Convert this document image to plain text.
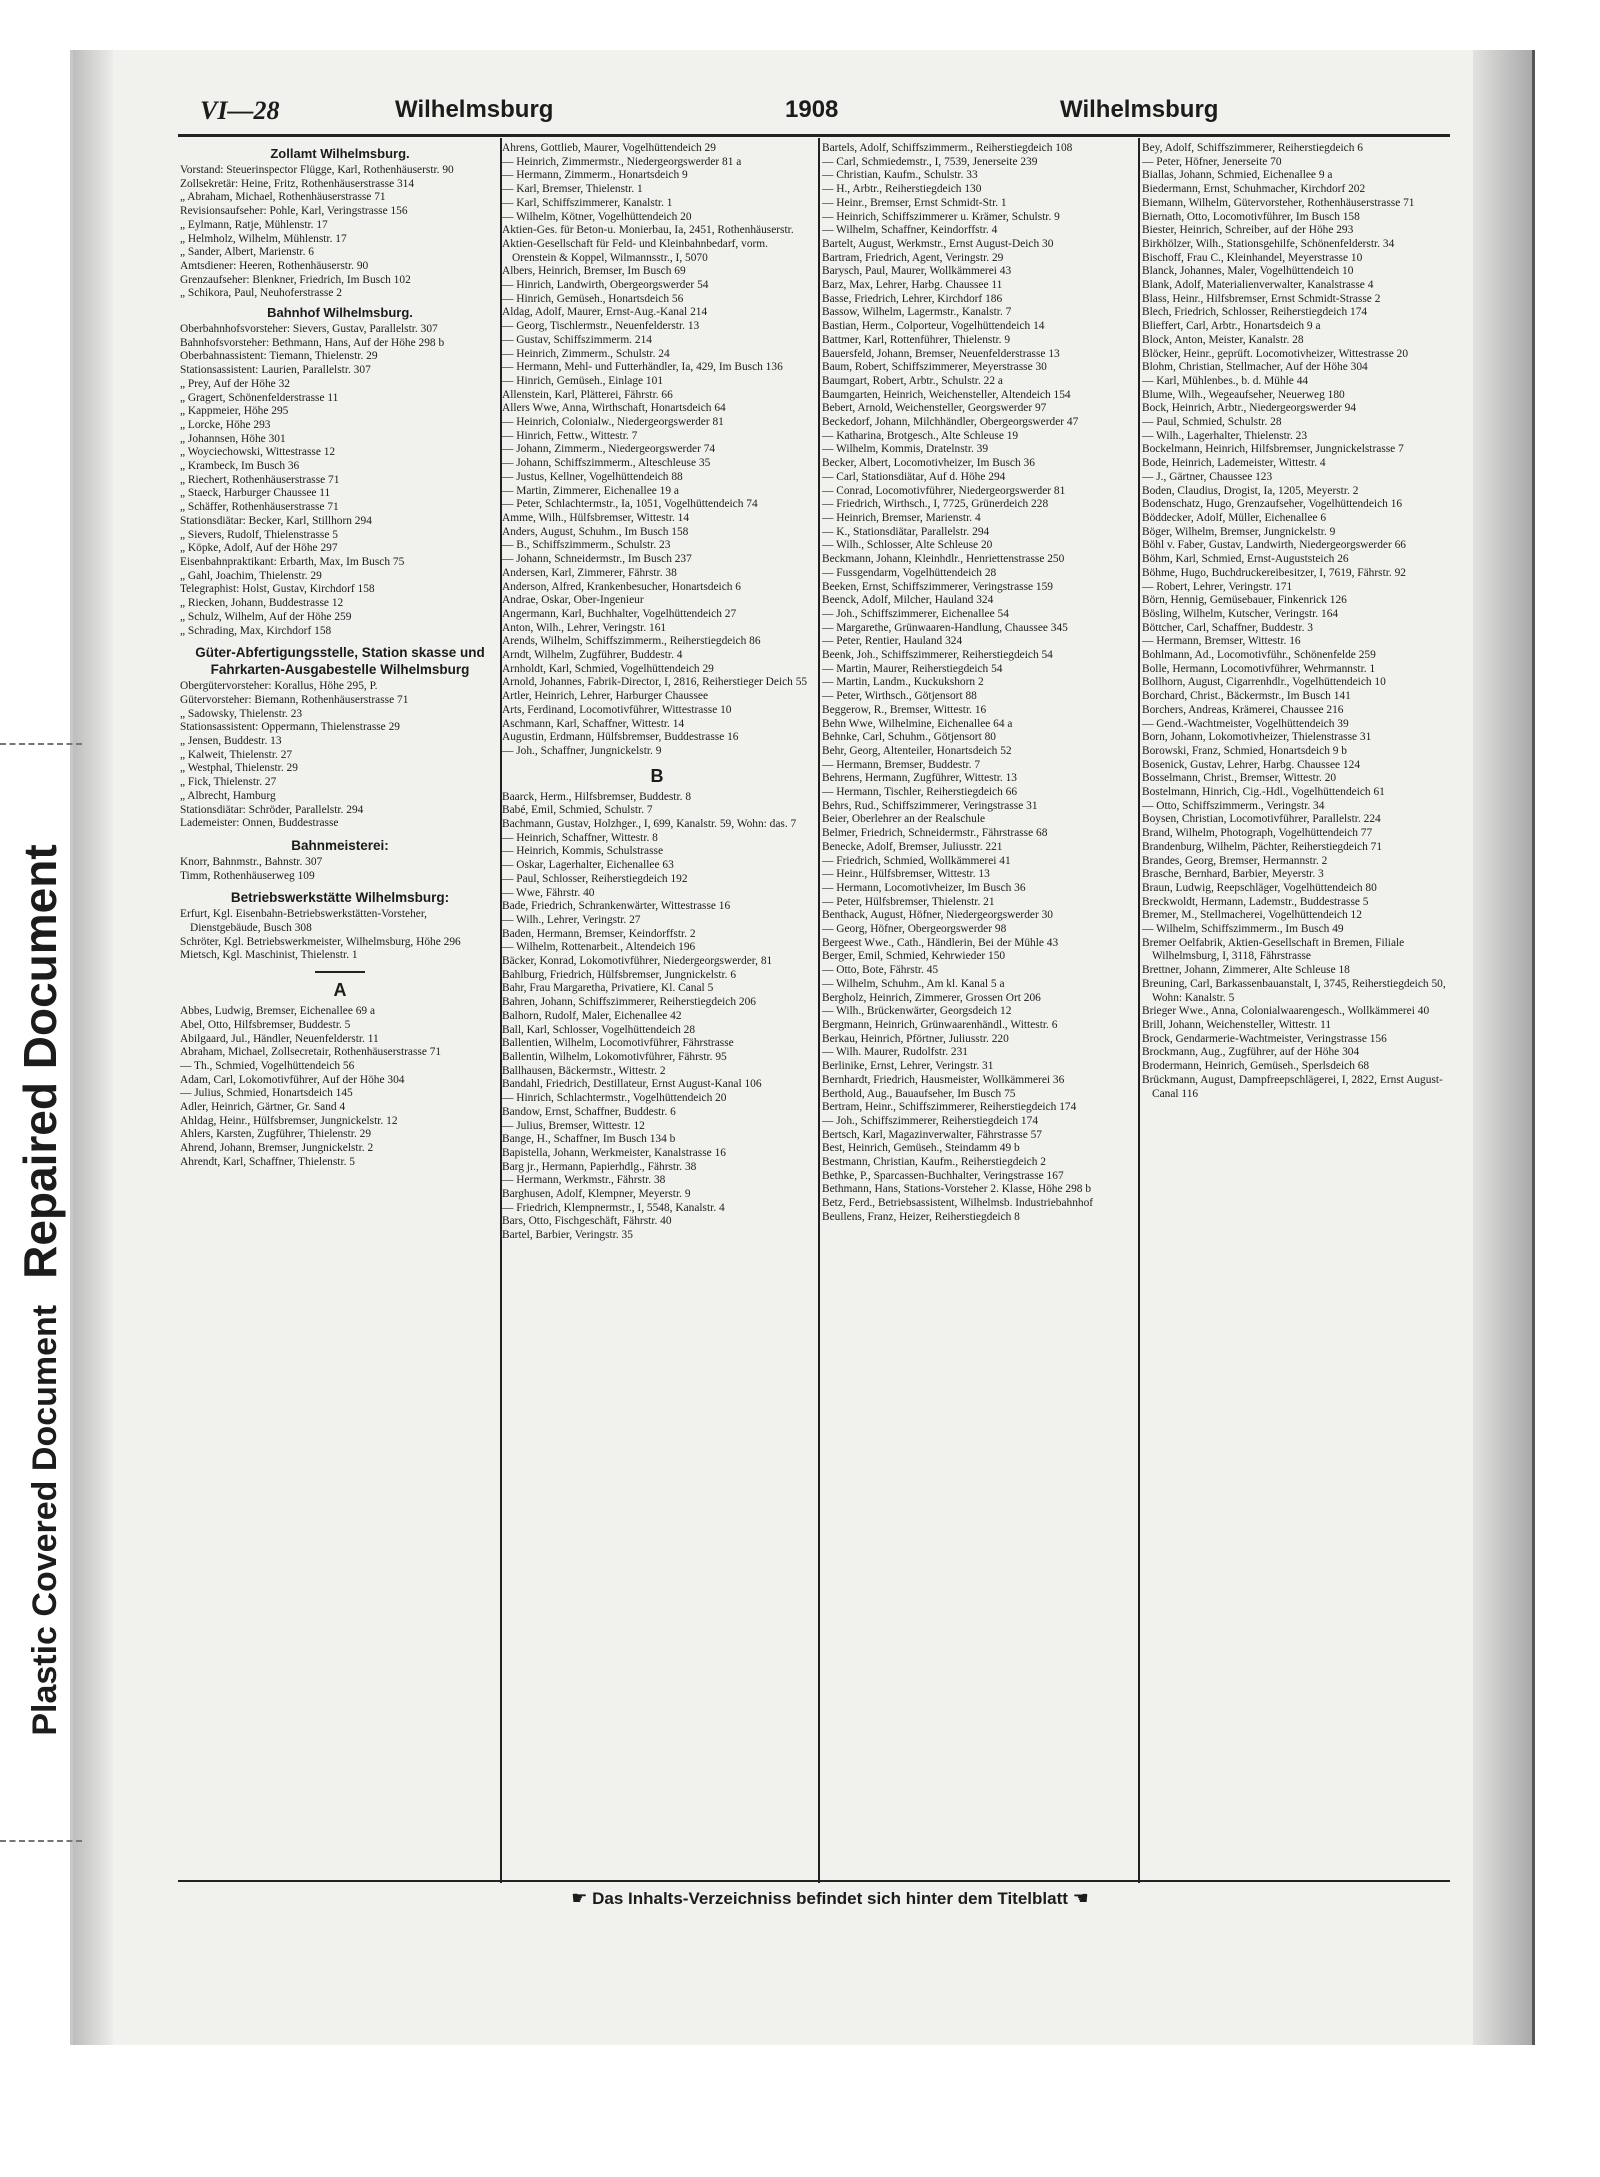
Plastic Covered DocumentRepaired Document
VI—28	Wilhelmsburg	1908	Wilhelmsburg

Zollamt Wilhelmsburg.

Vorstand: Steuerinspector Flügge, Karl, Rothenhäuserstr. 90

Zollsekretär: Heine, Fritz, Rothenhäuserstrasse 314

„ Abraham, Michael, Rothenhäuserstrasse 71

Revisionsaufseher: Pohle, Karl, Veringstrasse 156

„ Eylmann, Ratje, Mühlenstr. 17

„ Helmholz, Wilhelm, Mühlenstr. 17

„ Sander, Albert, Marienstr. 6

Amtsdiener: Heeren, Rothenhäuserstr. 90

Grenzaufseher: Blenkner, Friedrich, Im Busch 102

„ Schikora, Paul, Neuhoferstrasse 2

Bahnhof Wilhelmsburg.

Oberbahnhofsvorsteher: Sievers, Gustav, Parallelstr. 307

Bahnhofsvorsteher: Bethmann, Hans, Auf der Höhe 298 b

Oberbahnassistent: Tiemann, Thielenstr. 29

Stationsassistent: Laurien, Parallelstr. 307

„ Prey, Auf der Höhe 32

„ Gragert, Schönenfelderstrasse 11

„ Kappmeier, Höhe 295

„ Lorcke, Höhe 293

„ Johannsen, Höhe 301

„ Woyciechowski, Wittestrasse 12

„ Krambeck, Im Busch 36

„ Riechert, Rothenhäuserstrasse 71

„ Staeck, Harburger Chaussee 11

„ Schäffer, Rothenhäuserstrasse 71

Stationsdiätar: Becker, Karl, Stillhorn 294

„ Sievers, Rudolf, Thielenstrasse 5

„ Köpke, Adolf, Auf der Höhe 297

Eisenbahnpraktikant: Erbarth, Max, Im Busch 75

„ Gahl, Joachim, Thielenstr. 29

Telegraphist: Holst, Gustav, Kirchdorf 158

„ Riecken, Johann, Buddestrasse 12

„ Schulz, Wilhelm, Auf der Höhe 259

„ Schrading, Max, Kirchdorf 158

Güter-Abfertigungsstelle, Station skasse und Fahrkarten-Ausgabestelle Wilhelmsburg

Obergütervorsteher: Korallus, Höhe 295, P.

Gütervorsteher: Biemann, Rothenhäuserstrasse 71

„ Sadowsky, Thielenstr. 23

Stationsassistent: Oppermann, Thielenstrasse 29

„ Jensen, Buddestr. 13

„ Kalweit, Thielenstr. 27

„ Westphal, Thielenstr. 29

„ Fick, Thielenstr. 27

„ Albrecht, Hamburg

Stationsdiätar: Schröder, Parallelstr. 294

Lademeister: Onnen, Buddestrasse

Bahnmeisterei:

Knorr, Bahnmstr., Bahnstr. 307

Timm, Rothenhäuserweg 109

Betriebswerkstätte Wilhelmsburg:

Erfurt, Kgl. Eisenbahn-Betriebswerkstätten-Vorsteher, Dienstgebäude, Busch 308

Schröter, Kgl. Betriebswerkmeister, Wilhelmsburg, Höhe 296

Mietsch, Kgl. Maschinist, Thielenstr. 1

A

Abbes, Ludwig, Bremser, Eichenallee 69 a

Abel, Otto, Hilfsbremser, Buddestr. 5

Abilgaard, Jul., Händler, Neuenfelderstr. 11

Abraham, Michael, Zollsecretair, Rothenhäuserstrasse 71

— Th., Schmied, Vogelhüttendeich 56

Adam, Carl, Lokomotivführer, Auf der Höhe 304

— Julius, Schmied, Honartsdeich 145

Adler, Heinrich, Gärtner, Gr. Sand 4

Ahldag, Heinr., Hülfsbremser, Jungnickelstr. 12

Ahlers, Karsten, Zugführer, Thielenstr. 29

Ahrend, Johann, Bremser, Jungnickelstr. 2

Ahrendt, Karl, Schaffner, Thielenstr. 5

Ahrens, Gottlieb, Maurer, Vogelhüttendeich 29

— Heinrich, Zimmermstr., Niedergeorgswerder 81 a

— Hermann, Zimmerm., Honartsdeich 9

— Karl, Bremser, Thielenstr. 1

— Karl, Schiffszimmerer, Kanalstr. 1

— Wilhelm, Kötner, Vogelhüttendeich 20

Aktien-Ges. für Beton-u. Monierbau, Ia, 2451, Rothenhäuserstr.

Aktien-Gesellschaft für Feld- und Kleinbahnbedarf, vorm. Orenstein & Koppel, Wilmannsstr., I, 5070

Albers, Heinrich, Bremser, Im Busch 69

— Hinrich, Landwirth, Obergeorgswerder 54

— Hinrich, Gemüseh., Honartsdeich 56

Aldag, Adolf, Maurer, Ernst-Aug.-Kanal 214

— Georg, Tischlermstr., Neuenfelderstr. 13

— Gustav, Schiffszimmerm. 214

— Heinrich, Zimmerm., Schulstr. 24

— Hermann, Mehl- und Futterhändler, Ia, 429, Im Busch 136

— Hinrich, Gemüseh., Einlage 101

Allenstein, Karl, Plätterei, Fährstr. 66

Allers Wwe, Anna, Wirthschaft, Honartsdeich 64

— Heinrich, Colonialw., Niedergeorgswerder 81

— Hinrich, Fettw., Wittestr. 7

— Johann, Zimmerm., Niedergeorgswerder 74

— Johann, Schiffszimmerm., Alteschleuse 35

— Justus, Kellner, Vogelhüttendeich 88

— Martin, Zimmerer, Eichenallee 19 a

— Peter, Schlachtermstr., Ia, 1051, Vogelhüttendeich 74

Amme, Wilh., Hülfsbremser, Wittestr. 14

Anders, August, Schuhm., Im Busch 158

— B., Schiffszimmerm., Schulstr. 23

— Johann, Schneidermstr., Im Busch 237

Andersen, Karl, Zimmerer, Fährstr. 38

Anderson, Alfred, Krankenbesucher, Honartsdeich 6

Andrae, Oskar, Ober-Ingenieur

Angermann, Karl, Buchhalter, Vogelhüttendeich 27

Anton, Wilh., Lehrer, Veringstr. 161

Arends, Wilhelm, Schiffszimmerm., Reiherstiegdeich 86

Arndt, Wilhelm, Zugführer, Buddestr. 4

Arnholdt, Karl, Schmied, Vogelhüttendeich 29

Arnold, Johannes, Fabrik-Director, I, 2816, Reiherstieger Deich 55

Artler, Heinrich, Lehrer, Harburger Chaussee

Arts, Ferdinand, Locomotivführer, Wittestrasse 10

Aschmann, Karl, Schaffner, Wittestr. 14

Augustin, Erdmann, Hülfsbremser, Buddestrasse 16

— Joh., Schaffner, Jungnickelstr. 9

B

Baarck, Herm., Hilfsbremser, Buddestr. 8

Babé, Emil, Schmied, Schulstr. 7

Bachmann, Gustav, Holzhger., I, 699, Kanalstr. 59, Wohn: das. 7

— Heinrich, Schaffner, Wittestr. 8

— Heinrich, Kommis, Schulstrasse

— Oskar, Lagerhalter, Eichenallee 63

— Paul, Schlosser, Reiherstiegdeich 192

— Wwe, Fährstr. 40

Bade, Friedrich, Schrankenwärter, Wittestrasse 16

— Wilh., Lehrer, Veringstr. 27

Baden, Hermann, Bremser, Keindorffstr. 2

— Wilhelm, Rottenarbeit., Altendeich 196

Bäcker, Konrad, Lokomotivführer, Niedergeorgswerder, 81

Bahlburg, Friedrich, Hülfsbremser, Jungnickelstr. 6

Bahr, Frau Margaretha, Privatiere, Kl. Canal 5

Bahren, Johann, Schiffszimmerer, Reiherstiegdeich 206

Balhorn, Rudolf, Maler, Eichenallee 42

Ball, Karl, Schlosser, Vogelhüttendeich 28

Ballentien, Wilhelm, Locomotivführer, Fährstrasse

Ballentin, Wilhelm, Lokomotivführer, Fährstr. 95

Ballhausen, Bäckermstr., Wittestr. 2

Bandahl, Friedrich, Destillateur, Ernst August-Kanal 106

— Hinrich, Schlachtermstr., Vogelhüttendeich 20

Bandow, Ernst, Schaffner, Buddestr. 6

— Julius, Bremser, Wittestr. 12

Bange, H., Schaffner, Im Busch 134 b

Bapistella, Johann, Werkmeister, Kanalstrasse 16

Barg jr., Hermann, Papierhdlg., Fährstr. 38

— Hermann, Werkmstr., Fährstr. 38

Barghusen, Adolf, Klempner, Meyerstr. 9

— Friedrich, Klempnermstr., I, 5548, Kanalstr. 4

Bars, Otto, Fischgeschäft, Fährstr. 40

Bartel, Barbier, Veringstr. 35

Bartels, Adolf, Schiffszimmerm., Reiherstiegdeich 108

— Carl, Schmiedemstr., I, 7539, Jenerseite 239

— Christian, Kaufm., Schulstr. 33

— H., Arbtr., Reiherstiegdeich 130

— Heinr., Bremser, Ernst Schmidt-Str. 1

— Heinrich, Schiffszimmerer u. Krämer, Schulstr. 9

— Wilhelm, Schaffner, Keindorffstr. 4

Bartelt, August, Werkmstr., Ernst August-Deich 30

Bartram, Friedrich, Agent, Veringstr. 29

Barysch, Paul, Maurer, Wollkämmerei 43

Barz, Max, Lehrer, Harbg. Chaussee 11

Basse, Friedrich, Lehrer, Kirchdorf 186

Bassow, Wilhelm, Lagermstr., Kanalstr. 7

Bastian, Herm., Colporteur, Vogelhüttendeich 14

Battmer, Karl, Rottenführer, Thielenstr. 9

Bauersfeld, Johann, Bremser, Neuenfelderstrasse 13

Baum, Robert, Schiffszimmerer, Meyerstrasse 30

Baumgart, Robert, Arbtr., Schulstr. 22 a

Baumgarten, Heinrich, Weichensteller, Altendeich 154

Bebert, Arnold, Weichensteller, Georgswerder 97

Beckedorf, Johann, Milchhändler, Obergeorgswerder 47

— Katharina, Brotgesch., Alte Schleuse 19

— Wilhelm, Kommis, Dratelnstr. 39

Becker, Albert, Locomotivheizer, Im Busch 36

— Carl, Stationsdiätar, Auf d. Höhe 294

— Conrad, Locomotivführer, Niedergeorgswerder 81

— Friedrich, Wirthsch., I, 7725, Grünerdeich 228

— Heinrich, Bremser, Marienstr. 4

— K., Stationsdiätar, Parallelstr. 294

— Wilh., Schlosser, Alte Schleuse 20

Beckmann, Johann, Kleinhdlr., Henriettenstrasse 250

— Fussgendarm, Vogelhüttendeich 28

Beeken, Ernst, Schiffszimmerer, Veringstrasse 159

Beenck, Adolf, Milcher, Hauland 324

— Joh., Schiffszimmerer, Eichenallee 54

— Margarethe, Grünwaaren-Handlung, Chaussee 345

— Peter, Rentier, Hauland 324

Beenk, Joh., Schiffszimmerer, Reiherstiegdeich 54

— Martin, Maurer, Reiherstiegdeich 54

— Martin, Landm., Kuckukshorn 2

— Peter, Wirthsch., Götjensort 88

Beggerow, R., Bremser, Wittestr. 16

Behn Wwe, Wilhelmine, Eichenallee 64 a

Behnke, Carl, Schuhm., Götjensort 80

Behr, Georg, Altenteiler, Honartsdeich 52

— Hermann, Bremser, Buddestr. 7

Behrens, Hermann, Zugführer, Wittestr. 13

— Hermann, Tischler, Reiherstiegdeich 66

Behrs, Rud., Schiffszimmerer, Veringstrasse 31

Beier, Oberlehrer an der Realschule

Belmer, Friedrich, Schneidermstr., Fährstrasse 68

Benecke, Adolf, Bremser, Juliusstr. 221

— Friedrich, Schmied, Wollkämmerei 41

— Heinr., Hülfsbremser, Wittestr. 13

— Hermann, Locomotivheizer, Im Busch 36

— Peter, Hülfsbremser, Thielenstr. 21

Benthack, August, Höfner, Niedergeorgswerder 30

— Georg, Höfner, Obergeorgswerder 98

Bergeest Wwe., Cath., Händlerin, Bei der Mühle 43

Berger, Emil, Schmied, Kehrwieder 150

— Otto, Bote, Fährstr. 45

— Wilhelm, Schuhm., Am kl. Kanal 5 a

Bergholz, Heinrich, Zimmerer, Grossen Ort 206

— Wilh., Brückenwärter, Georgsdeich 12

Bergmann, Heinrich, Grünwaarenhändl., Wittestr. 6

Berkau, Heinrich, Pförtner, Juliusstr. 220

— Wilh. Maurer, Rudolfstr. 231

Berlinike, Ernst, Lehrer, Veringstr. 31

Bernhardt, Friedrich, Hausmeister, Wollkämmerei 36

Berthold, Aug., Bauaufseher, Im Busch 75

Bertram, Heinr., Schiffszimmerer, Reiherstiegdeich 174

— Joh., Schiffszimmerer, Reiherstiegdeich 174

Bertsch, Karl, Magazinverwalter, Fährstrasse 57

Best, Heinrich, Gemüseh., Steindamm 49 b

Bestmann, Christian, Kaufm., Reiherstiegdeich 2

Bethke, P., Sparcassen-Buchhalter, Veringstrasse 167

Bethmann, Hans, Stations-Vorsteher 2. Klasse, Höhe 298 b

Betz, Ferd., Betriebsassistent, Wilhelmsb. Industriebahnhof

Beullens, Franz, Heizer, Reiherstiegdeich 8

Bey, Adolf, Schiffszimmerer, Reiherstiegdeich 6

— Peter, Höfner, Jenerseite 70

Biallas, Johann, Schmied, Eichenallee 9 a

Biedermann, Ernst, Schuhmacher, Kirchdorf 202

Biemann, Wilhelm, Gütervorsteher, Rothenhäuserstrasse 71

Biernath, Otto, Locomotivführer, Im Busch 158

Biester, Heinrich, Schreiber, auf der Höhe 293

Birkhölzer, Wilh., Stationsgehilfe, Schönenfelderstr. 34

Bischoff, Frau C., Kleinhandel, Meyerstrasse 10

Blanck, Johannes, Maler, Vogelhüttendeich 10

Blank, Adolf, Materialienverwalter, Kanalstrasse 4

Blass, Heinr., Hilfsbremser, Ernst Schmidt-Strasse 2

Blech, Friedrich, Schlosser, Reiherstiegdeich 174

Blieffert, Carl, Arbtr., Honartsdeich 9 a

Block, Anton, Meister, Kanalstr. 28

Blöcker, Heinr., geprüft. Locomotivheizer, Wittestrasse 20

Blohm, Christian, Stellmacher, Auf der Höhe 304

— Karl, Mühlenbes., b. d. Mühle 44

Blume, Wilh., Wegeaufseher, Neuerweg 180

Bock, Heinrich, Arbtr., Niedergeorgswerder 94

— Paul, Schmied, Schulstr. 28

— Wilh., Lagerhalter, Thielenstr. 23

Bockelmann, Heinrich, Hilfsbremser, Jungnickelstrasse 7

Bode, Heinrich, Lademeister, Wittestr. 4

— J., Gärtner, Chaussee 123

Boden, Claudius, Drogist, Ia, 1205, Meyerstr. 2

Bodenschatz, Hugo, Grenzaufseher, Vogelhüttendeich 16

Böddecker, Adolf, Müller, Eichenallee 6

Böger, Wilhelm, Bremser, Jungnickelstr. 9

Böhl v. Faber, Gustav, Landwirth, Niedergeorgswerder 66

Böhm, Karl, Schmied, Ernst-Auguststeich 26

Böhme, Hugo, Buchdruckereibesitzer, I, 7619, Fährstr. 92

— Robert, Lehrer, Veringstr. 171

Börn, Hennig, Gemüsebauer, Finkenrick 126

Bösling, Wilhelm, Kutscher, Veringstr. 164

Böttcher, Carl, Schaffner, Buddestr. 3

— Hermann, Bremser, Wittestr. 16

Bohlmann, Ad., Locomotivführ., Schönenfelde 259

Bolle, Hermann, Locomotivführer, Wehrmannstr. 1

Bollhorn, August, Cigarrenhdlr., Vogelhüttendeich 10

Borchard, Christ., Bäckermstr., Im Busch 141

Borchers, Andreas, Krämerei, Chaussee 216

— Gend.-Wachtmeister, Vogelhüttendeich 39

Born, Johann, Lokomotivheizer, Thielenstrasse 31

Borowski, Franz, Schmied, Honartsdeich 9 b

Bosenick, Gustav, Lehrer, Harbg. Chaussee 124

Bosselmann, Christ., Bremser, Wittestr. 20

Bostelmann, Hinrich, Cig.-Hdl., Vogelhüttendeich 61

— Otto, Schiffszimmerm., Veringstr. 34

Boysen, Christian, Locomotivführer, Parallelstr. 224

Brand, Wilhelm, Photograph, Vogelhüttendeich 77

Brandenburg, Wilhelm, Pächter, Reiherstiegdeich 71

Brandes, Georg, Bremser, Hermannstr. 2

Brasche, Bernhard, Barbier, Meyerstr. 3

Braun, Ludwig, Reepschläger, Vogelhüttendeich 80

Breckwoldt, Hermann, Lademstr., Buddestrasse 5

Bremer, M., Stellmacherei, Vogelhüttendeich 12

— Wilhelm, Schiffszimmerm., Im Busch 49

Bremer Oelfabrik, Aktien-Gesellschaft in Bremen, Filiale Wilhelmsburg, I, 3118, Fährstrasse

Brettner, Johann, Zimmerer, Alte Schleuse 18

Breuning, Carl, Barkassenbauanstalt, I, 3745, Reiherstiegdeich 50, Wohn: Kanalstr. 5

Brieger Wwe., Anna, Colonialwaarengesch., Wollkämmerei 40

Brill, Johann, Weichensteller, Wittestr. 11

Brock, Gendarmerie-Wachtmeister, Veringstrasse 156

Brockmann, Aug., Zugführer, auf der Höhe 304

Brodermann, Heinrich, Gemüseh., Sperlsdeich 68

Brückmann, August, Dampfreepschlägerei, I, 2822, Ernst August-Canal 116

☛ Das Inhalts-Verzeichniss befindet sich hinter dem Titelblatt ☚
